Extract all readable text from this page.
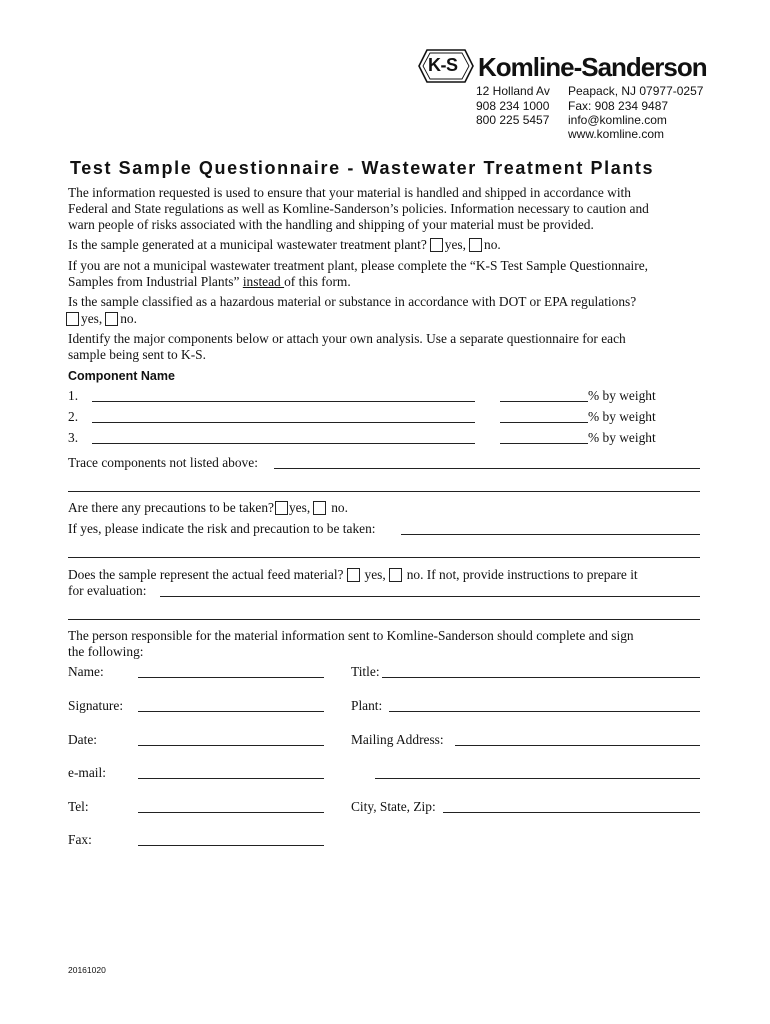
K-S Komline-Sanderson
12 Holland Av Peapack, NJ 07977-0257
908 234 1000 Fax: 908 234 9487
800 225 5457 info@komline.com
www.komline.com
Test Sample Questionnaire - Wastewater Treatment Plants
The information requested is used to ensure that your material is handled and shipped in accordance with
Federal and State regulations as well as Komline-Sanderson’s policies. Information necessary to caution and
warn people of risks associated with the handling and shipping of your material must be provided.
Is the sample generated at a municipal wastewater treatment plant? yes, no.
If you are not a municipal wastewater treatment plant, please complete the “K-S Test Sample Questionnaire,
Samples from Industrial Plants” instead of this form.
Is the sample classified as a hazardous material or substance in accordance with DOT or EPA regulations?
yes, no.
Identify the major components below or attach your own analysis. Use a separate questionnaire for each
sample being sent to K-S.
Component Name
1.	% by weight
2.	% by weight
3.	% by weight
Trace components not listed above:
Are there any precautions to be taken? yes, no.
If yes, please indicate the risk and precaution to be taken:
Does the sample represent the actual feed material? yes, no. If not, provide instructions to prepare it
for evaluation:
The person responsible for the material information sent to Komline-Sanderson should complete and sign
the following:
Name:	Title:
Signature:	Plant:
Date:	Mailing Address:
e-mail:
Tel:	City, State, Zip:
Fax:
20161020
